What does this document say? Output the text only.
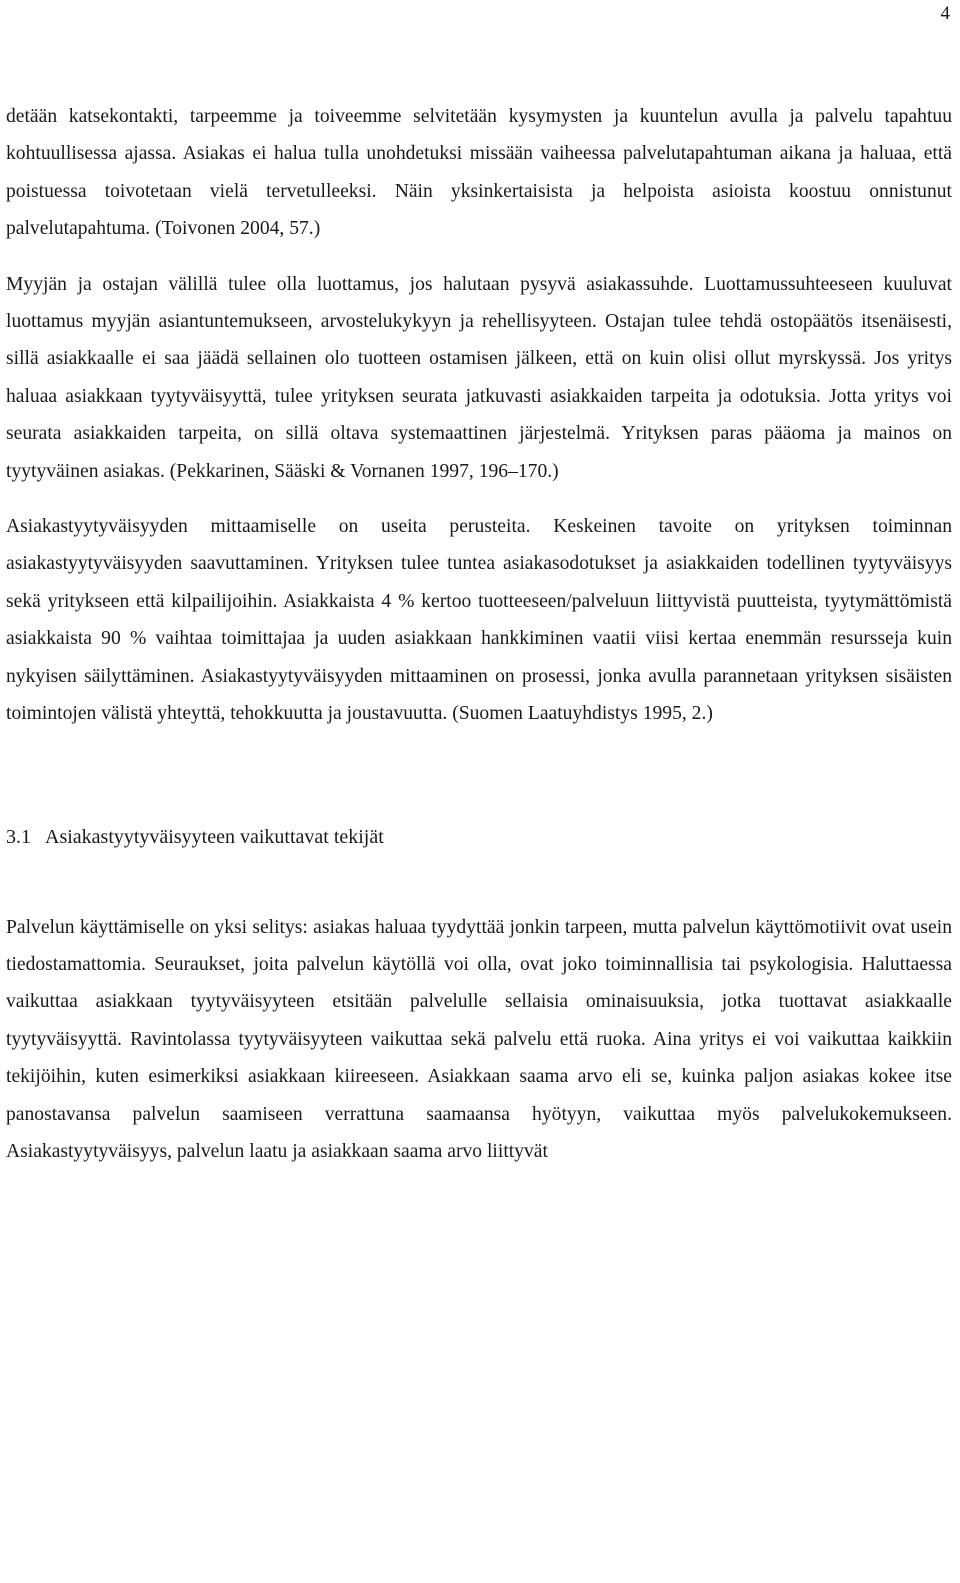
4

detään katsekontakti, tarpeemme ja toiveemme selvitetään kysymysten ja kuuntelun avulla ja palvelu tapahtuu kohtuullisessa ajassa. Asiakas ei halua tulla unohdetuksi missään vaiheessa palvelutapahtuman aikana ja haluaa, että poistuessa toivotetaan vielä tervetulleeksi. Näin yksinkertaisista ja helpoista asioista koostuu onnistunut palvelutapahtuma. (Toivonen 2004, 57.)

Myyjän ja ostajan välillä tulee olla luottamus, jos halutaan pysyvä asiakassuhde. Luottamussuhteeseen kuuluvat luottamus myyjän asiantuntemukseen, arvostelukykyyn ja rehellisyyteen. Ostajan tulee tehdä ostopäätös itsenäisesti, sillä asiakkaalle ei saa jäädä sellainen olo tuotteen ostamisen jälkeen, että on kuin olisi ollut myrskyssä. Jos yritys haluaa asiakkaan tyytyväisyyttä, tulee yrityksen seurata jatkuvasti asiakkaiden tarpeita ja odotuksia. Jotta yritys voi seurata asiakkaiden tarpeita, on sillä oltava systemaattinen järjestelmä. Yrityksen paras pääoma ja mainos on tyytyväinen asiakas. (Pekkarinen, Sääski & Vornanen 1997, 196–170.)

Asiakastyytyväisyyden mittaamiselle on useita perusteita. Keskeinen tavoite on yrityksen toiminnan asiakastyytyväisyyden saavuttaminen. Yrityksen tulee tuntea asiakasodotukset ja asiakkaiden todellinen tyytyväisyys sekä yritykseen että kilpailijoihin. Asiakkaista 4 % kertoo tuotteeseen/palveluun liittyvistä puutteista, tyytymättömistä asiakkaista 90 % vaihtaa toimittajaa ja uuden asiakkaan hankkiminen vaatii viisi kertaa enemmän resursseja kuin nykyisen säilyttäminen. Asiakastyytyväisyyden mittaaminen on prosessi, jonka avulla parannetaan yrityksen sisäisten toimintojen välistä yhteyttä, tehokkuutta ja joustavuutta. (Suomen Laatuyhdistys 1995, 2.)

3.1 Asiakastyytyväisyyteen vaikuttavat tekijät

Palvelun käyttämiselle on yksi selitys: asiakas haluaa tyydyttää jonkin tarpeen, mutta palvelun käyttömotiivit ovat usein tiedostamattomia. Seuraukset, joita palvelun käytöllä voi olla, ovat joko toiminnallisia tai psykologisia. Haluttaessa vaikuttaa asiakkaan tyytyväisyyteen etsitään palvelulle sellaisia ominaisuuksia, jotka tuottavat asiakkaalle tyytyväisyyttä. Ravintolassa tyytyväisyyteen vaikuttaa sekä palvelu että ruoka. Aina yritys ei voi vaikuttaa kaikkiin tekijöihin, kuten esimerkiksi asiakkaan kiireeseen. Asiakkaan saama arvo eli se, kuinka paljon asiakas kokee itse panostavansa palvelun saamiseen verrattuna saamaansa hyötyyn, vaikuttaa myös palvelukokemukseen. Asiakastyytyväisyys, palvelun laatu ja asiakkaan saama arvo liittyvät
